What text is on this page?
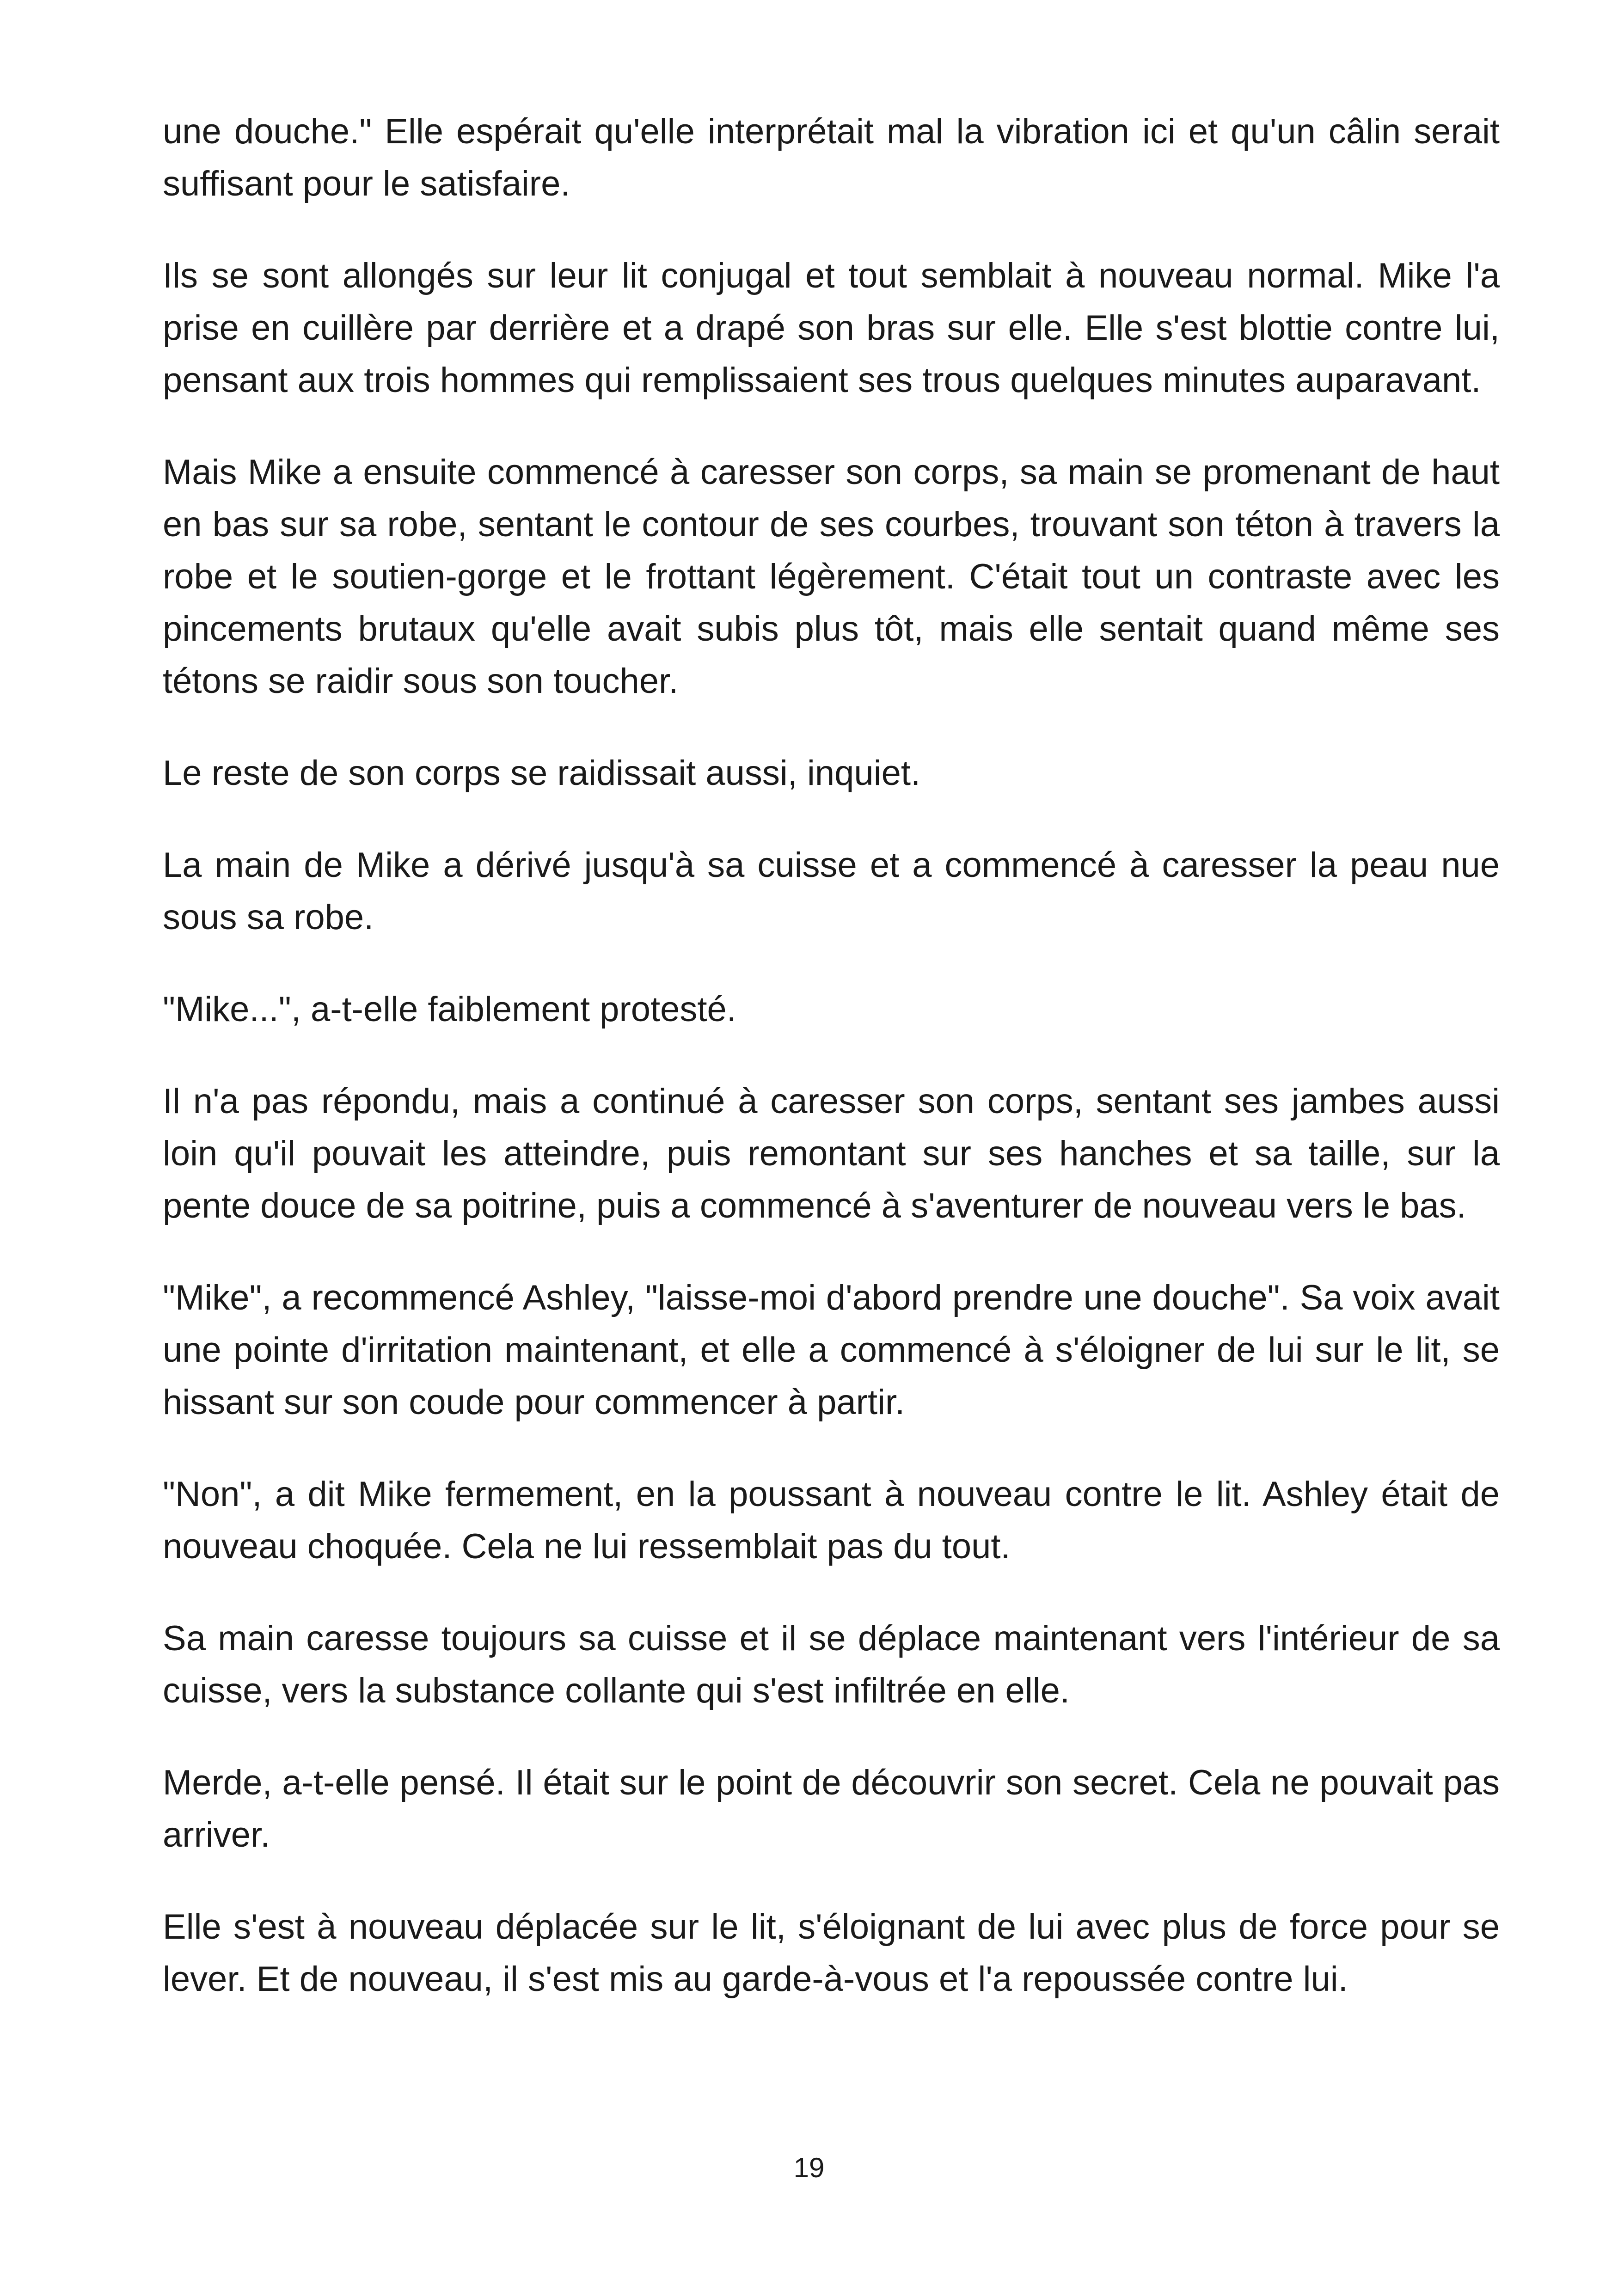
une douche." Elle espérait qu'elle interprétait mal la vibration ici et qu'un câlin serait suffisant pour le satisfaire.

Ils se sont allongés sur leur lit conjugal et tout semblait à nouveau normal. Mike l'a prise en cuillère par derrière et a drapé son bras sur elle. Elle s'est blottie contre lui, pensant aux trois hommes qui remplissaient ses trous quelques minutes auparavant.

Mais Mike a ensuite commencé à caresser son corps, sa main se promenant de haut en bas sur sa robe, sentant le contour de ses courbes, trouvant son téton à travers la robe et le soutien-gorge et le frottant légèrement. C'était tout un contraste avec les pincements brutaux qu'elle avait subis plus tôt, mais elle sentait quand même ses tétons se raidir sous son toucher.

Le reste de son corps se raidissait aussi, inquiet.

La main de Mike a dérivé jusqu'à sa cuisse et a commencé à caresser la peau nue sous sa robe.

"Mike...", a-t-elle faiblement protesté.

Il n'a pas répondu, mais a continué à caresser son corps, sentant ses jambes aussi loin qu'il pouvait les atteindre, puis remontant sur ses hanches et sa taille, sur la pente douce de sa poitrine, puis a commencé à s'aventurer de nouveau vers le bas.

"Mike", a recommencé Ashley, "laisse-moi d'abord prendre une douche". Sa voix avait une pointe d'irritation maintenant, et elle a commencé à s'éloigner de lui sur le lit, se hissant sur son coude pour commencer à partir.

"Non", a dit Mike fermement, en la poussant à nouveau contre le lit. Ashley était de nouveau choquée. Cela ne lui ressemblait pas du tout.

Sa main caresse toujours sa cuisse et il se déplace maintenant vers l'intérieur de sa cuisse, vers la substance collante qui s'est infiltrée en elle.

Merde, a-t-elle pensé. Il était sur le point de découvrir son secret. Cela ne pouvait pas arriver.

Elle s'est à nouveau déplacée sur le lit, s'éloignant de lui avec plus de force pour se lever. Et de nouveau, il s'est mis au garde-à-vous et l'a repoussée contre lui.

19
